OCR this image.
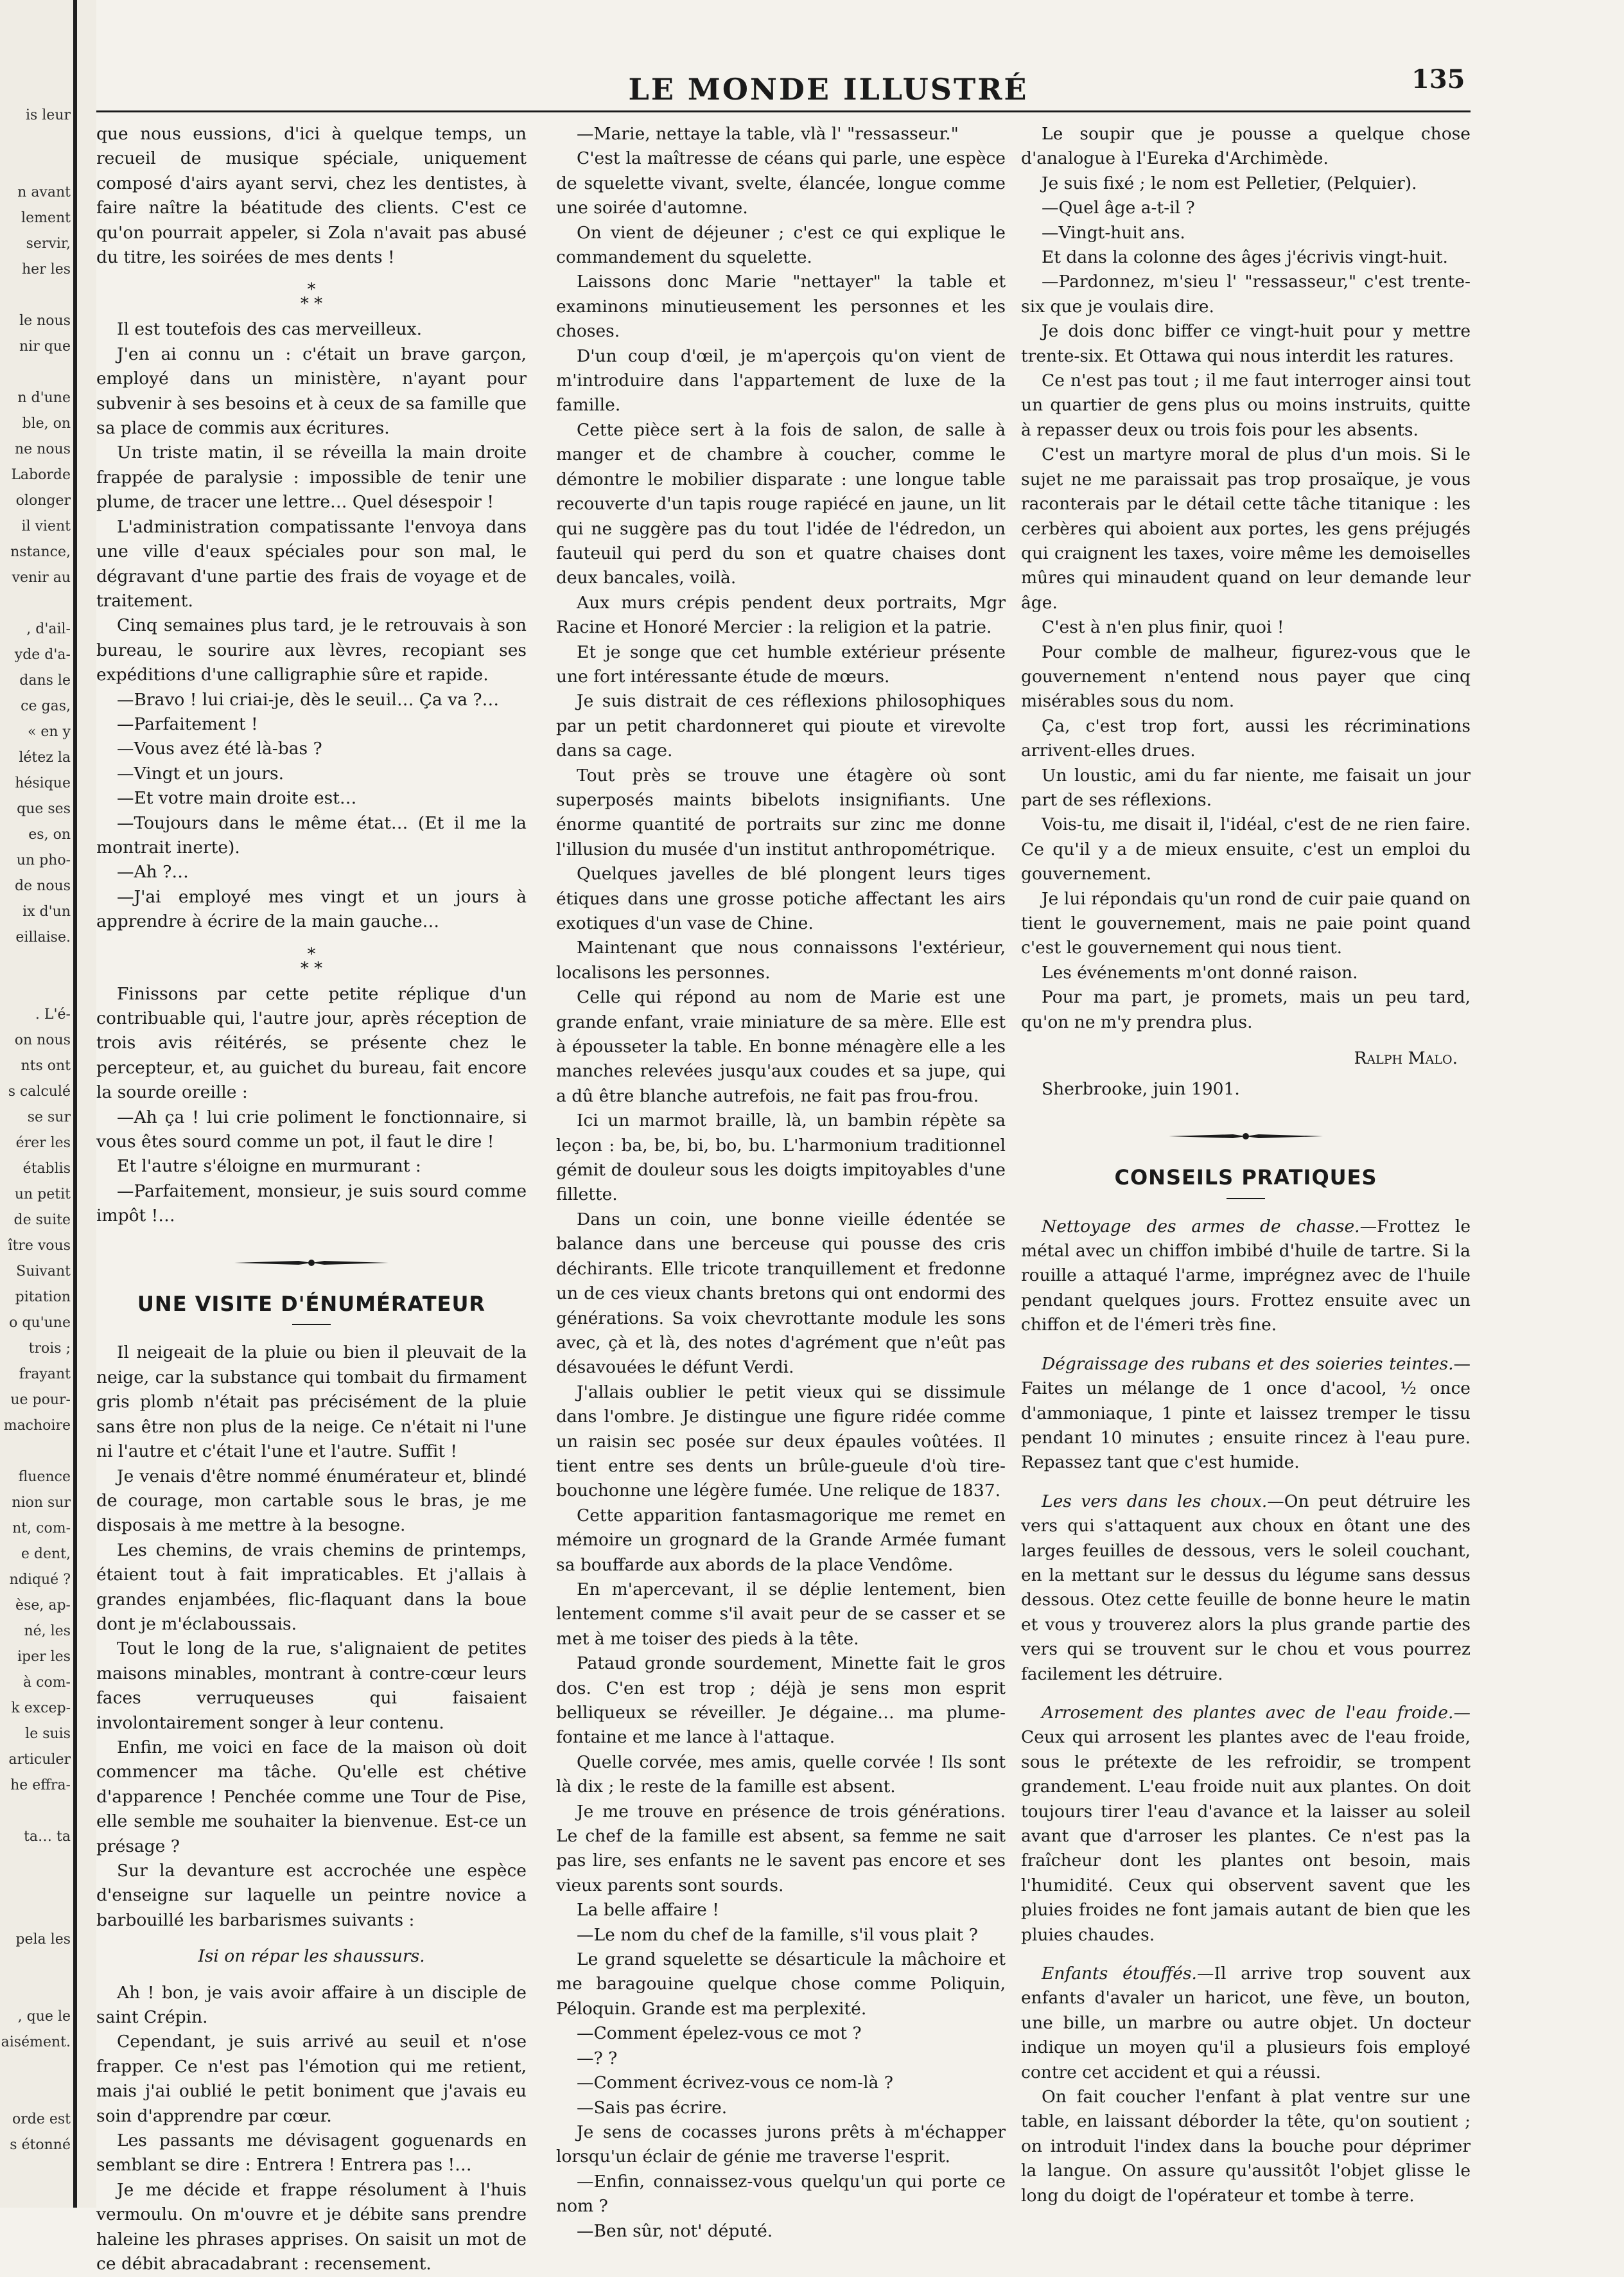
is leur

n avant
lement
servir,
her les

le nous
nir que

n d'une
ble, on
ne nous
Laborde
olonger
il vient
nstance,
venir au

, d'ail-
yde d'a-
dans le
ce gas,
« en y
létez la
hésique
que ses
es, on
un pho-
de nous
ix d'un
eillaise.

. L'é-
on nous
nts ont
s calculé
se sur
érer les
établis
un petit
de suite
ître vous
Suivant
pitation
o qu'une
trois ;
frayant
ue pour-
machoire

fluence
nion sur
nt, com-
e dent,
ndiqué ?
èse, ap-
né, les
iper les
à com-
k excep-
le suis
articuler
he effra-

ta… ta

pela les

, que le
aisément.

orde est
s étonné
LE MONDE ILLUSTRÉ	135

que nous eussions, d'ici à quelque temps, un recueil de musique spéciale, uniquement composé d'airs ayant servi, chez les dentistes, à faire naître la béatitude des clients. C'est ce qu'on pourrait appeler, si Zola n'avait pas abusé du titre, les soirées de mes dents !

*
* *

Il est toutefois des cas merveilleux.

J'en ai connu un : c'était un brave garçon, employé dans un ministère, n'ayant pour subvenir à ses besoins et à ceux de sa famille que sa place de commis aux écritures.

Un triste matin, il se réveilla la main droite frappée de paralysie : impossible de tenir une plume, de tracer une lettre… Quel désespoir !

L'administration compatissante l'envoya dans une ville d'eaux spéciales pour son mal, le dégravant d'une partie des frais de voyage et de traitement.

Cinq semaines plus tard, je le retrouvais à son bureau, le sourire aux lèvres, recopiant ses expéditions d'une calligraphie sûre et rapide.

—Bravo ! lui criai-je, dès le seuil… Ça va ?…

—Parfaitement !

—Vous avez été là-bas ?

—Vingt et un jours.

—Et votre main droite est…

—Toujours dans le même état… (Et il me la montrait inerte).

—Ah ?…

—J'ai employé mes vingt et un jours à apprendre à écrire de la main gauche…

*
* *

Finissons par cette petite réplique d'un contribuable qui, l'autre jour, après réception de trois avis réitérés, se présente chez le percepteur, et, au guichet du bureau, fait encore la sourde oreille :

—Ah ça ! lui crie poliment le fonctionnaire, si vous êtes sourd comme un pot, il faut le dire !

Et l'autre s'éloigne en murmurant :

—Parfaitement, monsieur, je suis sourd comme impôt !…

UNE VISITE D'ÉNUMÉRATEUR

Il neigeait de la pluie ou bien il pleuvait de la neige, car la substance qui tombait du firmament gris plomb n'était pas précisément de la pluie sans être non plus de la neige. Ce n'était ni l'une ni l'autre et c'était l'une et l'autre. Suffit !

Je venais d'être nommé énumérateur et, blindé de courage, mon cartable sous le bras, je me disposais à me mettre à la besogne.

Les chemins, de vrais chemins de printemps, étaient tout à fait impraticables. Et j'allais à grandes enjambées, flic-flaquant dans la boue dont je m'éclaboussais.

Tout le long de la rue, s'alignaient de petites maisons minables, montrant à contre-cœur leurs faces verruqueuses qui faisaient involontairement songer à leur contenu.

Enfin, me voici en face de la maison où doit commencer ma tâche. Qu'elle est chétive d'apparence ! Penchée comme une Tour de Pise, elle semble me souhaiter la bienvenue. Est-ce un présage ?

Sur la devanture est accrochée une espèce d'enseigne sur laquelle un peintre novice a barbouillé les barbarismes suivants :

Isi on répar les shaussurs.

Ah ! bon, je vais avoir affaire à un disciple de saint Crépin.

Cependant, je suis arrivé au seuil et n'ose frapper. Ce n'est pas l'émotion qui me retient, mais j'ai oublié le petit boniment que j'avais eu soin d'apprendre par cœur.

Les passants me dévisagent goguenards en semblant se dire : Entrera ! Entrera pas !…

Je me décide et frappe résolument à l'huis vermoulu. On m'ouvre et je débite sans prendre haleine les phrases apprises. On saisit un mot de ce débit abracadabrant : recensement.

—Marie, nettaye la table, vlà l' "ressasseur."

C'est la maîtresse de céans qui parle, une espèce de squelette vivant, svelte, élancée, longue comme une soirée d'automne.

On vient de déjeuner ; c'est ce qui explique le commandement du squelette.

Laissons donc Marie "nettayer" la table et examinons minutieusement les personnes et les choses.

D'un coup d'œil, je m'aperçois qu'on vient de m'introduire dans l'appartement de luxe de la famille.

Cette pièce sert à la fois de salon, de salle à manger et de chambre à coucher, comme le démontre le mobilier disparate : une longue table recouverte d'un tapis rouge rapiécé en jaune, un lit qui ne suggère pas du tout l'idée de l'édredon, un fauteuil qui perd du son et quatre chaises dont deux bancales, voilà.

Aux murs crépis pendent deux portraits, Mgr Racine et Honoré Mercier : la religion et la patrie.

Et je songe que cet humble extérieur présente une fort intéressante étude de mœurs.

Je suis distrait de ces réflexions philosophiques par un petit chardonneret qui pioute et virevolte dans sa cage.

Tout près se trouve une étagère où sont superposés maints bibelots insignifiants. Une énorme quantité de portraits sur zinc me donne l'illusion du musée d'un institut anthropométrique.

Quelques javelles de blé plongent leurs tiges étiques dans une grosse potiche affectant les airs exotiques d'un vase de Chine.

Maintenant que nous connaissons l'extérieur, localisons les personnes.

Celle qui répond au nom de Marie est une grande enfant, vraie miniature de sa mère. Elle est à épousseter la table. En bonne ménagère elle a les manches relevées jusqu'aux coudes et sa jupe, qui a dû être blanche autrefois, ne fait pas frou-frou.

Ici un marmot braille, là, un bambin répète sa leçon : ba, be, bi, bo, bu. L'harmonium traditionnel gémit de douleur sous les doigts impitoyables d'une fillette.

Dans un coin, une bonne vieille édentée se balance dans une berceuse qui pousse des cris déchirants. Elle tricote tranquillement et fredonne un de ces vieux chants bretons qui ont endormi des générations. Sa voix chevrottante module les sons avec, çà et là, des notes d'agrément que n'eût pas désavouées le défunt Verdi.

J'allais oublier le petit vieux qui se dissimule dans l'ombre. Je distingue une figure ridée comme un raisin sec posée sur deux épaules voûtées. Il tient entre ses dents un brûle-gueule d'où tire-bouchonne une légère fumée. Une relique de 1837.

Cette apparition fantasmagorique me remet en mémoire un grognard de la Grande Armée fumant sa bouffarde aux abords de la place Vendôme.

En m'apercevant, il se déplie lentement, bien lentement comme s'il avait peur de se casser et se met à me toiser des pieds à la tête.

Pataud gronde sourdement, Minette fait le gros dos. C'en est trop ; déjà je sens mon esprit belliqueux se réveiller. Je dégaine… ma plume-fontaine et me lance à l'attaque.

Quelle corvée, mes amis, quelle corvée ! Ils sont là dix ; le reste de la famille est absent.

Je me trouve en présence de trois générations. Le chef de la famille est absent, sa femme ne sait pas lire, ses enfants ne le savent pas encore et ses vieux parents sont sourds.

La belle affaire !

—Le nom du chef de la famille, s'il vous plait ?

Le grand squelette se désarticule la mâchoire et me baragouine quelque chose comme Poliquin, Péloquin. Grande est ma perplexité.

—Comment épelez-vous ce mot ?

—? ?

—Comment écrivez-vous ce nom-là ?

—Sais pas écrire.

Je sens de cocasses jurons prêts à m'échapper lorsqu'un éclair de génie me traverse l'esprit.

—Enfin, connaissez-vous quelqu'un qui porte ce nom ?

—Ben sûr, not' député.

Le soupir que je pousse a quelque chose d'analogue à l'Eureka d'Archimède.

Je suis fixé ; le nom est Pelletier, (Pelquier).

—Quel âge a-t-il ?

—Vingt-huit ans.

Et dans la colonne des âges j'écrivis vingt-huit.

—Pardonnez, m'sieu l' "ressasseur," c'est trente-six que je voulais dire.

Je dois donc biffer ce vingt-huit pour y mettre trente-six. Et Ottawa qui nous interdit les ratures.

Ce n'est pas tout ; il me faut interroger ainsi tout un quartier de gens plus ou moins instruits, quitte à repasser deux ou trois fois pour les absents.

C'est un martyre moral de plus d'un mois. Si le sujet ne me paraissait pas trop prosaïque, je vous raconterais par le détail cette tâche titanique : les cerbères qui aboient aux portes, les gens préjugés qui craignent les taxes, voire même les demoiselles mûres qui minaudent quand on leur demande leur âge.

C'est à n'en plus finir, quoi !

Pour comble de malheur, figurez-vous que le gouvernement n'entend nous payer que cinq misérables sous du nom.

Ça, c'est trop fort, aussi les récriminations arrivent-elles drues.

Un loustic, ami du far niente, me faisait un jour part de ses réflexions.

Vois-tu, me disait il, l'idéal, c'est de ne rien faire. Ce qu'il y a de mieux ensuite, c'est un emploi du gouvernement.

Je lui répondais qu'un rond de cuir paie quand on tient le gouvernement, mais ne paie point quand c'est le gouvernement qui nous tient.

Les événements m'ont donné raison.

Pour ma part, je promets, mais un peu tard, qu'on ne m'y prendra plus.

Ralph Malo.

Sherbrooke, juin 1901.

CONSEILS PRATIQUES

Nettoyage des armes de chasse.—Frottez le métal avec un chiffon imbibé d'huile de tartre. Si la rouille a attaqué l'arme, imprégnez avec de l'huile pendant quelques jours. Frottez ensuite avec un chiffon et de l'émeri très fine.

Dégraissage des rubans et des soieries teintes.—Faites un mélange de 1 once d'acool, ½ once d'ammoniaque, 1 pinte et laissez tremper le tissu pendant 10 minutes ; ensuite rincez à l'eau pure. Repassez tant que c'est humide.

Les vers dans les choux.—On peut détruire les vers qui s'attaquent aux choux en ôtant une des larges feuilles de dessous, vers le soleil couchant, en la mettant sur le dessus du légume sans dessus dessous. Otez cette feuille de bonne heure le matin et vous y trouverez alors la plus grande partie des vers qui se trouvent sur le chou et vous pourrez facilement les détruire.

Arrosement des plantes avec de l'eau froide.—Ceux qui arrosent les plantes avec de l'eau froide, sous le prétexte de les refroidir, se trompent grandement. L'eau froide nuit aux plantes. On doit toujours tirer l'eau d'avance et la laisser au soleil avant que d'arroser les plantes. Ce n'est pas la fraîcheur dont les plantes ont besoin, mais l'humidité. Ceux qui observent savent que les pluies froides ne font jamais autant de bien que les pluies chaudes.

Enfants étouffés.—Il arrive trop souvent aux enfants d'avaler un haricot, une fève, un bouton, une bille, un marbre ou autre objet. Un docteur indique un moyen qu'il a plusieurs fois employé contre cet accident et qui a réussi.

On fait coucher l'enfant à plat ventre sur une table, en laissant déborder la tête, qu'on soutient ; on introduit l'index dans la bouche pour déprimer la langue. On assure qu'aussitôt l'objet glisse le long du doigt de l'opérateur et tombe à terre.
